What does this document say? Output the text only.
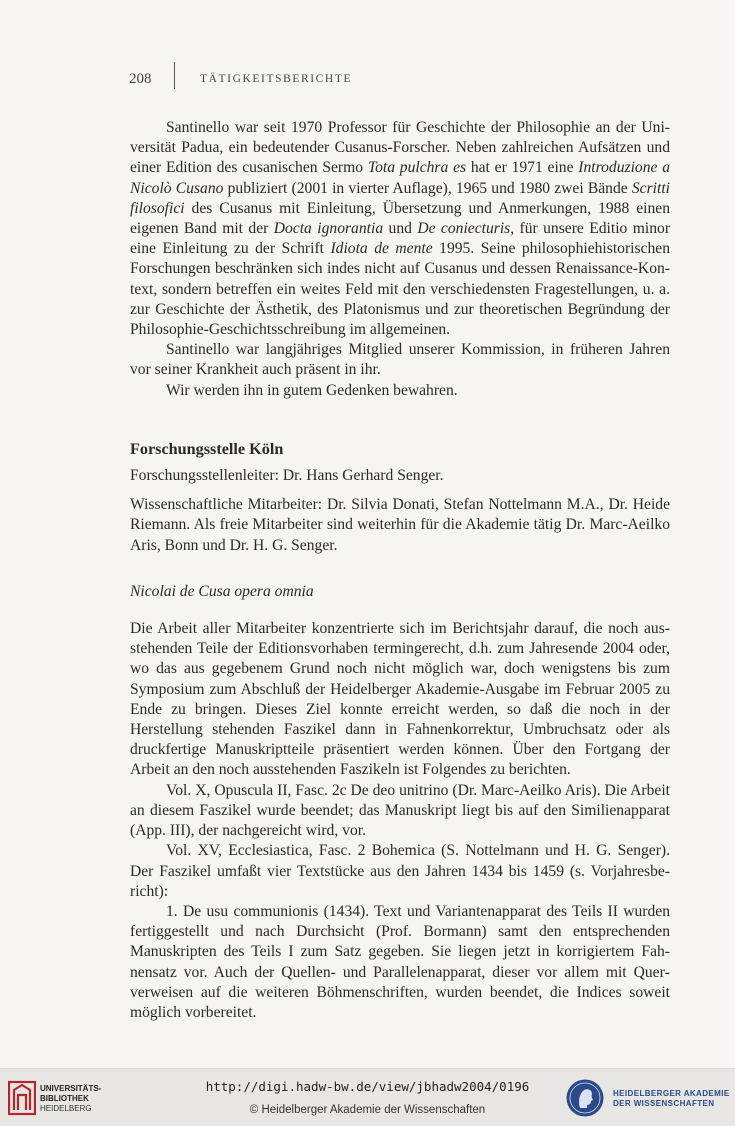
208	TÄTIGKEITSBERICHTE

Santinello war seit 1970 Professor für Geschichte der Philosophie an der Universität Padua, ein bedeutender Cusanus-Forscher. Neben zahlreichen Aufsätzen und einer Edition des cusanischen Sermo Tota pulchra es hat er 1971 eine Introduzione a Nicolò Cusano publiziert (2001 in vierter Auflage), 1965 und 1980 zwei Bände Scritti filosofici des Cusanus mit Einleitung, Übersetzung und Anmerkungen, 1988 einen eigenen Band mit der Docta ignorantia und De coniecturis, für unsere Editio minor eine Einleitung zu der Schrift Idiota de mente 1995. Seine philosophiehistorischen Forschungen beschränken sich indes nicht auf Cusanus und dessen Renaissance-Kontext, sondern betreffen ein weites Feld mit den verschiedensten Fragestellungen, u. a. zur Geschichte der Ästhetik, des Platonismus und zur theoretischen Begründung der Philosophie-Geschichtsschreibung im allgemeinen.

Santinello war langjähriges Mitglied unserer Kommission, in früheren Jahren vor seiner Krankheit auch präsent in ihr.

Wir werden ihn in gutem Gedenken bewahren.

Forschungsstelle Köln

Forschungsstellenleiter: Dr. Hans Gerhard Senger.

Wissenschaftliche Mitarbeiter: Dr. Silvia Donati, Stefan Nottelmann M.A., Dr. Heide Riemann. Als freie Mitarbeiter sind weiterhin für die Akademie tätig Dr. Marc-Aeilko Aris, Bonn und Dr. H. G. Senger.

Nicolai de Cusa opera omnia

Die Arbeit aller Mitarbeiter konzentrierte sich im Berichtsjahr darauf, die noch ausstehenden Teile der Editionsvorhaben termingerecht, d.h. zum Jahresende 2004 oder, wo das aus gegebenem Grund noch nicht möglich war, doch wenigstens bis zum Symposium zum Abschluß der Heidelberger Akademie-Ausgabe im Februar 2005 zu Ende zu bringen. Dieses Ziel konnte erreicht werden, so daß die noch in der Herstellung stehenden Faszikel dann in Fahnenkorrektur, Umbruchsatz oder als druckfertige Manuskriptteile präsentiert werden können. Über den Fortgang der Arbeit an den noch ausstehenden Faszikeln ist Folgendes zu berichten.

Vol. X, Opuscula II, Fasc. 2c De deo unitrino (Dr. Marc-Aeilko Aris). Die Arbeit an diesem Faszikel wurde beendet; das Manuskript liegt bis auf den Similienapparat (App. III), der nachgereicht wird, vor.

Vol. XV, Ecclesiastica, Fasc. 2 Bohemica (S. Nottelmann und H. G. Senger). Der Faszikel umfaßt vier Textstücke aus den Jahren 1434 bis 1459 (s. Vorjahresbericht):

1. De usu communionis (1434). Text und Variantenapparat des Teils II wurden fertiggestellt und nach Durchsicht (Prof. Bormann) samt den entsprechenden Manuskripten des Teils I zum Satz gegeben. Sie liegen jetzt in korrigiertem Fahnensatz vor. Auch der Quellen- und Parallelenapparat, dieser vor allem mit Querverweisen auf die weiteren Böhmenschriften, wurden beendet, die Indices soweit möglich vorbereitet.

UNIVERSITÄTS-
BIBLIOTHEK
HEIDELBERG
http://digi.hadw-bw.de/view/jbhadw2004/0196
© Heidelberger Akademie der Wissenschaften
HEIDELBERGER AKADEMIE
DER WISSENSCHAFTEN
